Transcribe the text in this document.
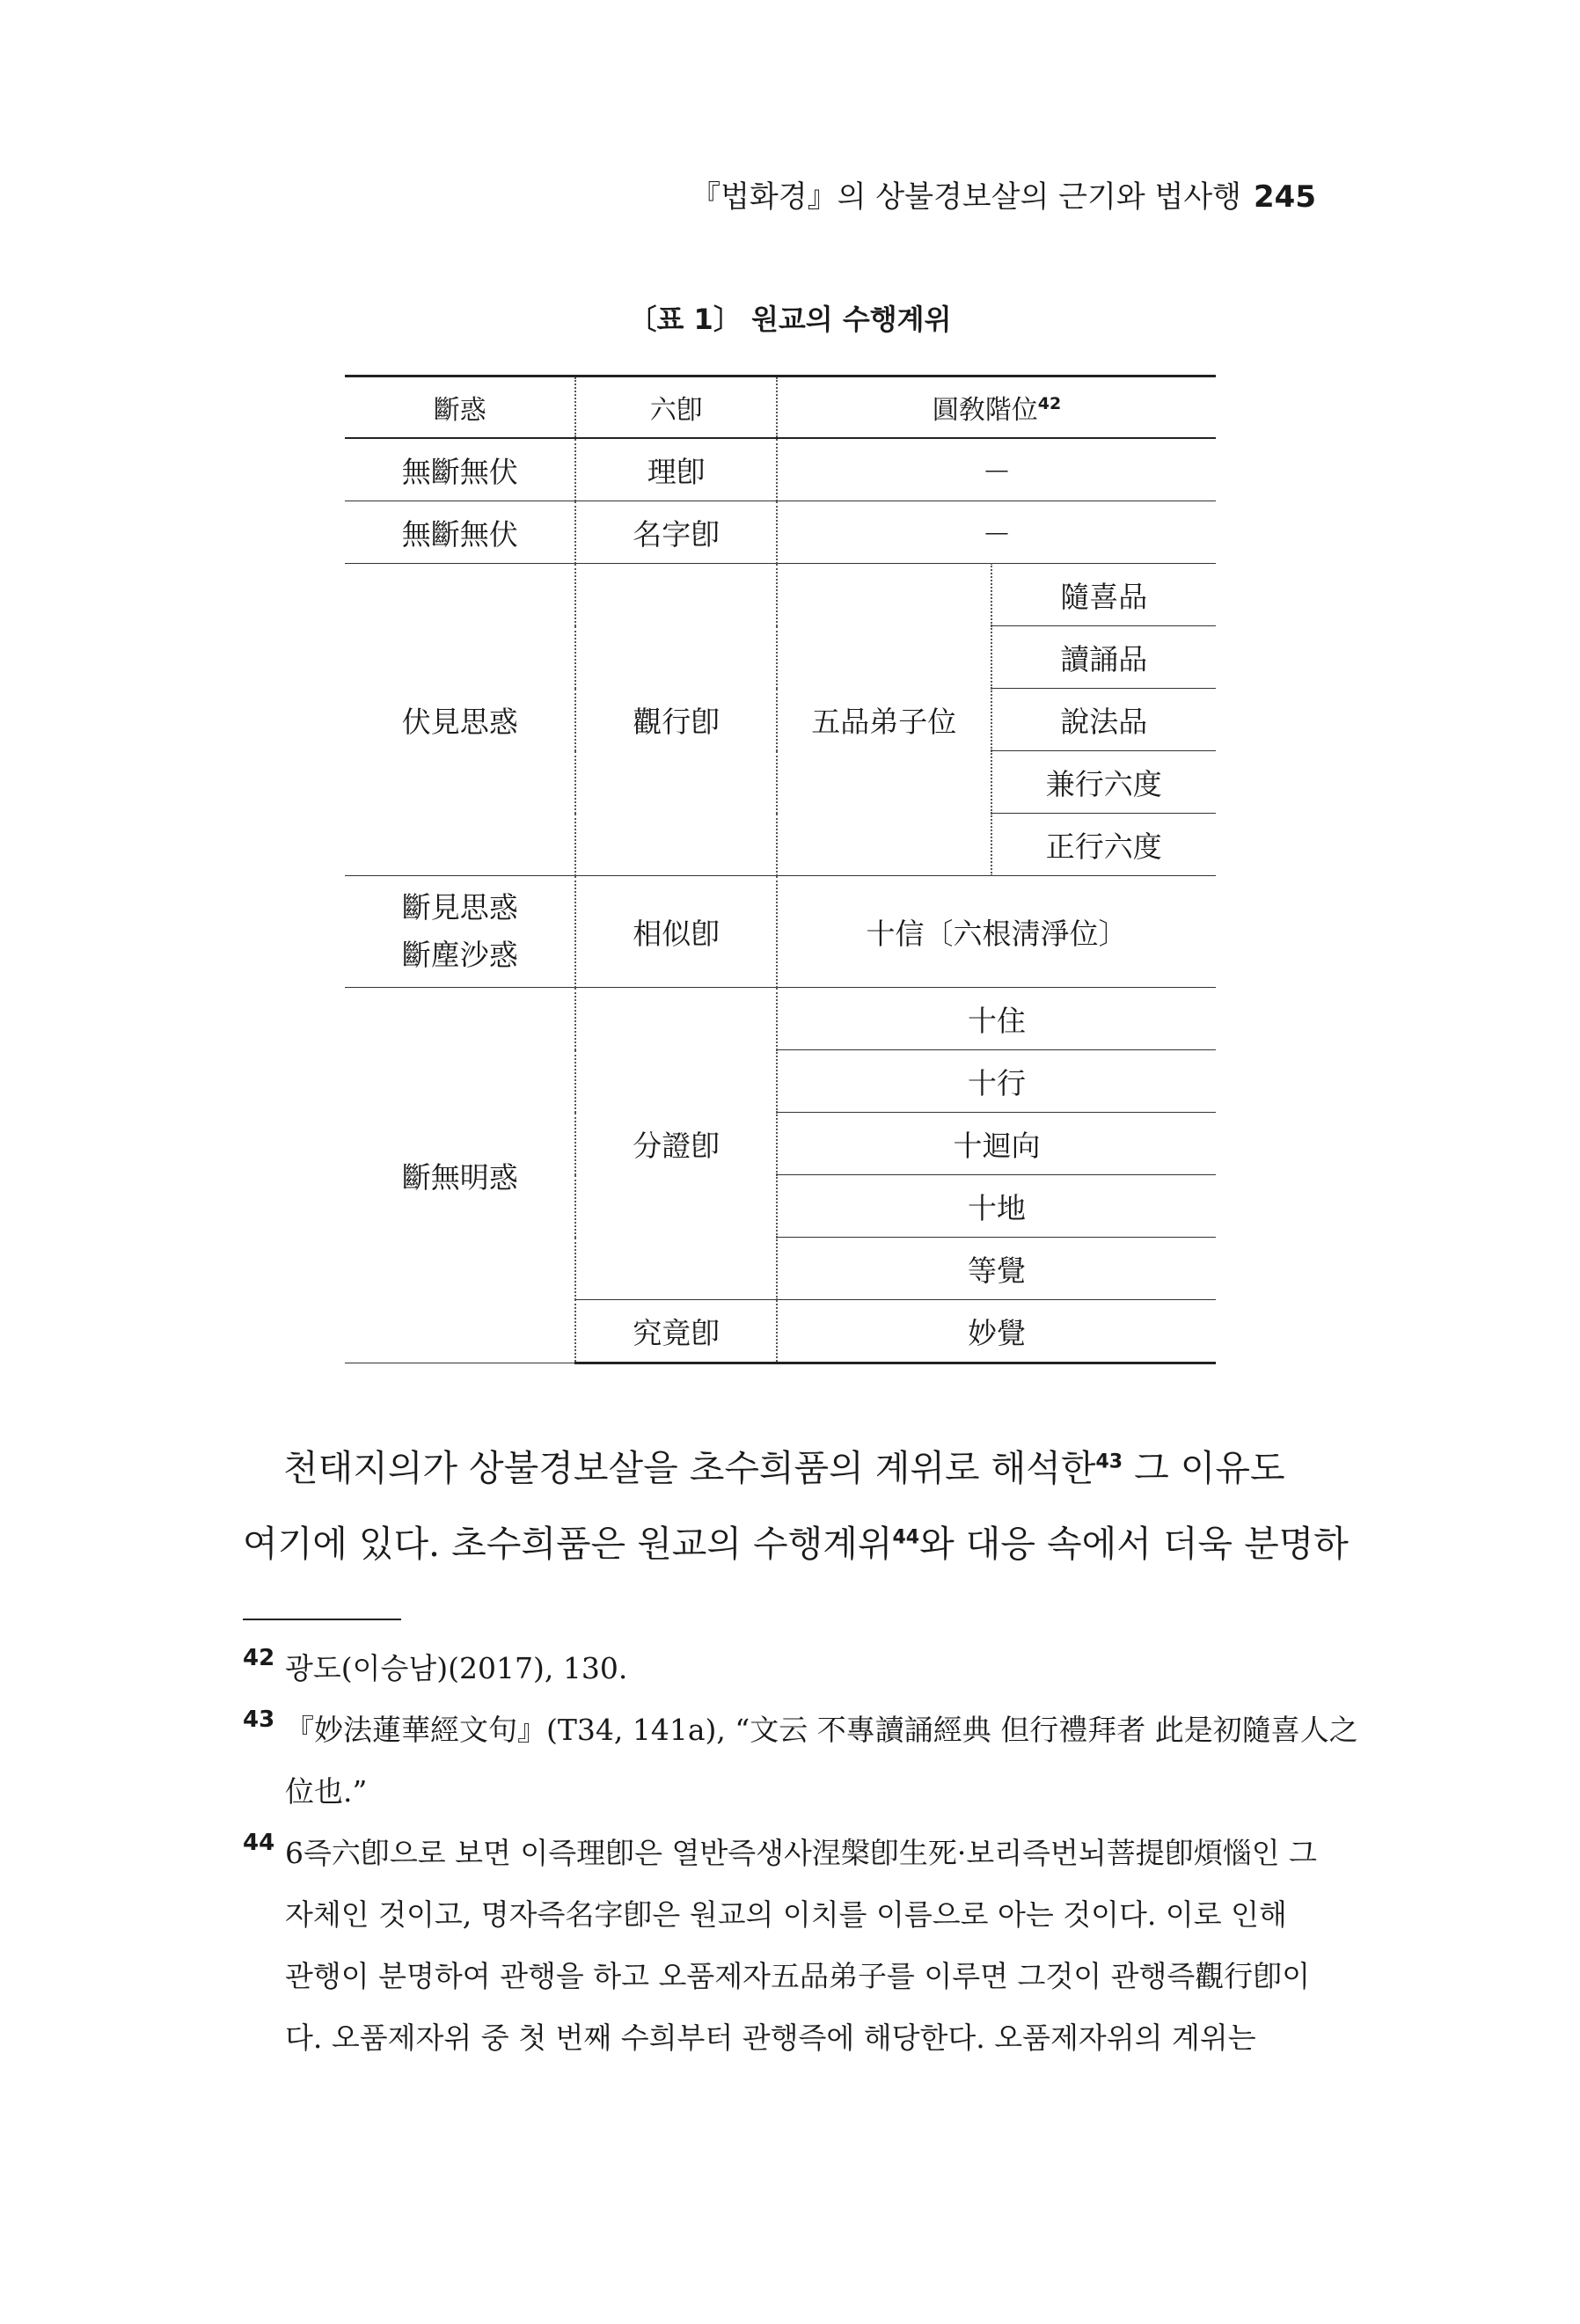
『법화경』의 상불경보살의 근기와 법사행 245
〔표 1〕 원교의 수행계위
斷惑	六卽	圓敎階位$^{42}$
無斷無伏	理卽	－	
無斷無伏	名字卽	－	
伏見思惑	觀行卽	五品弟子位	隨喜品
			讀誦品
			說法品
			兼行六度
			正行六度

斷見思惑
斷塵沙惑	相似卽	十信〔六根淸淨位〕	
斷無明惑	分證卽	十住	
		十行	
		十迴向	
		十地	
		等覺	
	究竟卽	妙覺	
천태지의가 상불경보살을 초수희품의 계위로 해석한$^{43}$ 그 이유도
여기에 있다. 초수희품은 원교의 수행계위$^{44}$와 대응 속에서 더욱 분명하
42 광도(이승남)(2017), 130.
43 『妙法蓮華經文句』(T34, 141a), “文云 不專讀誦經典 但行禮拜者 此是初隨喜人之
位也.”
44 6즉六卽으로 보면 이즉理卽은 열반즉생사涅槃卽生死·보리즉번뇌菩提卽煩惱인 그
자체인 것이고, 명자즉名字卽은 원교의 이치를 이름으로 아는 것이다. 이로 인해
관행이 분명하여 관행을 하고 오품제자五品弟子를 이루면 그것이 관행즉觀行卽이
다. 오품제자위 중 첫 번째 수희부터 관행즉에 해당한다. 오품제자위의 계위는
